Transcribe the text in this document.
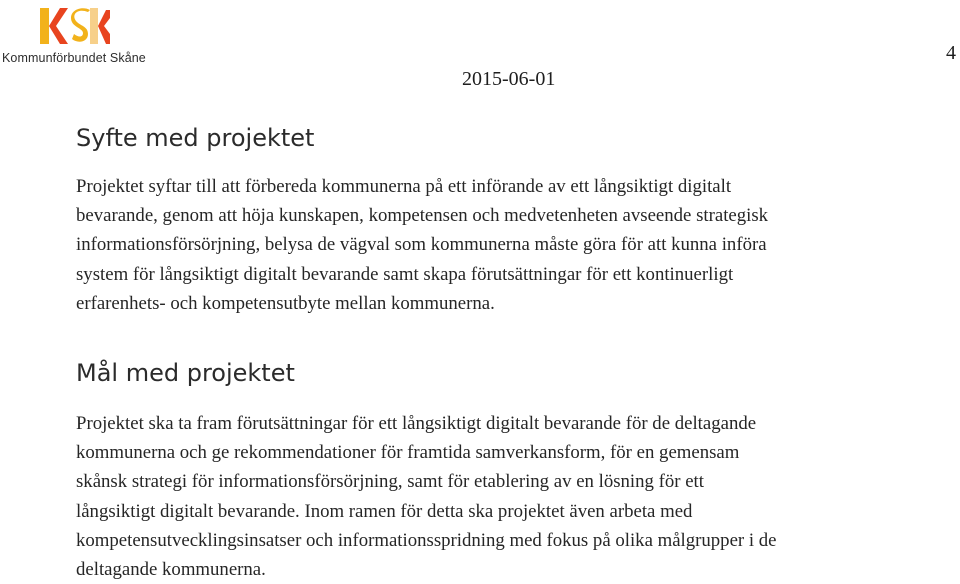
Kommunförbundet Skåne
2015-06-01
4
Syfte med projektet

Projektet syftar till att förbereda kommunerna på ett införande av ett långsiktigt digitalt
bevarande, genom att höja kunskapen, kompetensen och medvetenheten avseende strategisk
informationsförsörjning, belysa de vägval som kommunerna måste göra för att kunna införa
system för långsiktigt digitalt bevarande samt skapa förutsättningar för ett kontinuerligt
erfarenhets- och kompetensutbyte mellan kommunerna.

Mål med projektet

Projektet ska ta fram förutsättningar för ett långsiktigt digitalt bevarande för de deltagande
kommunerna och ge rekommendationer för framtida samverkansform, för en gemensam
skånsk strategi för informationsförsörjning, samt för etablering av en lösning för ett
långsiktigt digitalt bevarande. Inom ramen för detta ska projektet även arbeta med
kompetensutvecklingsinsatser och informationsspridning med fokus på olika målgrupper i de
deltagande kommunerna.
